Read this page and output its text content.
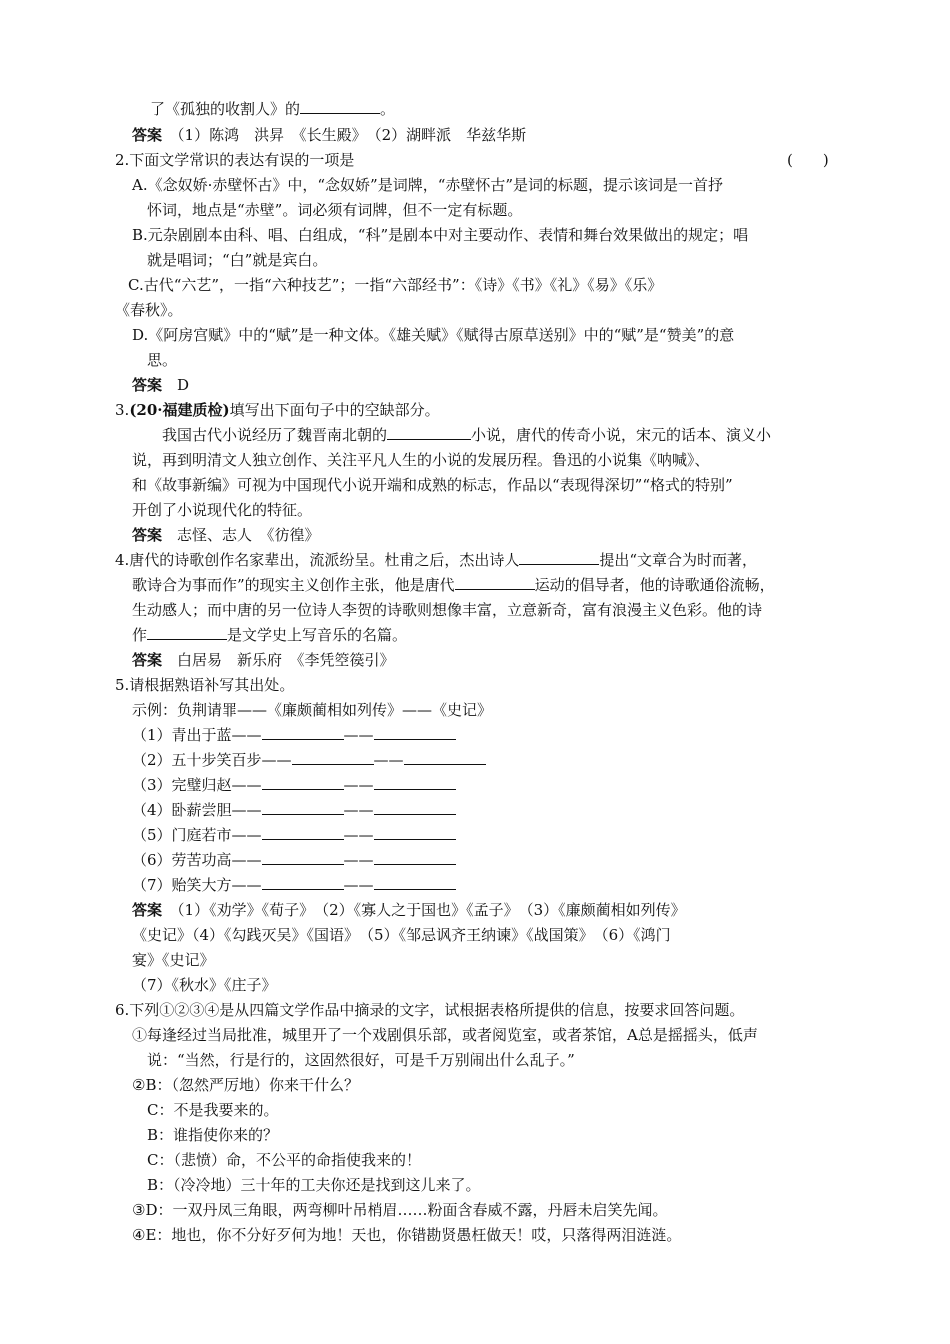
了《孤独的收割人》的	。
答案　 （1）陈鸿　洪昇　《长生殿》　（2）湖畔派　华兹华斯
2.下面文学常识的表达有误的一项是	(　　)
A.《念奴娇·赤壁怀古》中，“念奴娇”是词牌，“赤壁怀古”是词的标题，提示该词是一首抒
怀词，地点是“赤壁”。词必须有词牌，但不一定有标题。
B.元杂剧剧本由科、唱、白组成，“科”是剧本中对主要动作、表情和舞台效果做出的规定；唱
就是唱词；“白”就是宾白。
C.古代“六艺”，一指“六种技艺”；一指“六部经书”：《诗》《书》《礼》《易》《乐》
《春秋》。
D.《阿房宫赋》中的“赋”是一种文体。《雄关赋》《赋得古原草送别》中的“赋”是“赞美”的意
思。
答案　 D
3.(20·福建质检)填写出下面句子中的空缺部分。
我国古代小说经历了魏晋南北朝的	小说，唐代的传奇小说，宋元的话本、演义小
说，再到明清文人独立创作、关注平凡人生的小说的发展历程。鲁迅的小说集《呐喊》、
和《故事新编》可视为中国现代小说开端和成熟的标志，作品以“表现得深切”“格式的特别”
开创了小说现代化的特征。
答案　 志怪、志人　《彷徨》
4.唐代的诗歌创作名家辈出，流派纷呈。杜甫之后，杰出诗人	提出“文章合为时而著，
歌诗合为事而作”的现实主义创作主张，他是唐代	运动的倡导者，他的诗歌通俗流畅，
生动感人；而中唐的另一位诗人李贺的诗歌则想像丰富，立意新奇，富有浪漫主义色彩。他的诗
作	是文学史上写音乐的名篇。
答案　 白居易　新乐府　《李凭箜篌引》
5.请根据熟语补写其出处。
示例：负荆请罪——《廉颇蔺相如列传》——《史记》
（1）青出于蓝——	——
（2）五十步笑百步——	——
（3）完璧归赵——	——
（4）卧薪尝胆——	——
（5）门庭若市——	——
（6）劳苦功高——	——
（7）贻笑大方——	——
答案　 （1）《劝学》《荀子》　（2）《寡人之于国也》《孟子》　（3）《廉颇蔺相如列传》
《史记》（4）《勾践灭吴》《国语》　（5）《邹忌讽齐王纳谏》《战国策》　（6）《鸿门
宴》《史记》
（7）《秋水》《庄子》
6.下列①②③④是从四篇文学作品中摘录的文字，试根据表格所提供的信息，按要求回答问题。
①每逢经过当局批准，城里开了一个戏剧俱乐部，或者阅览室，或者茶馆，A总是摇摇头，低声
说：“当然，行是行的，这固然很好，可是千万别闹出什么乱子。”
②B：（忽然严厉地）你来干什么？
C：不是我要来的。
B：谁指使你来的？
C：（悲愤）命，不公平的命指使我来的！
B：（冷冷地）三十年的工夫你还是找到这儿来了。
③D：一双丹凤三角眼，两弯柳叶吊梢眉……粉面含春威不露，丹唇未启笑先闻。
④E：地也，你不分好歹何为地！天也，你错勘贤愚枉做天！哎，只落得两泪涟涟。
